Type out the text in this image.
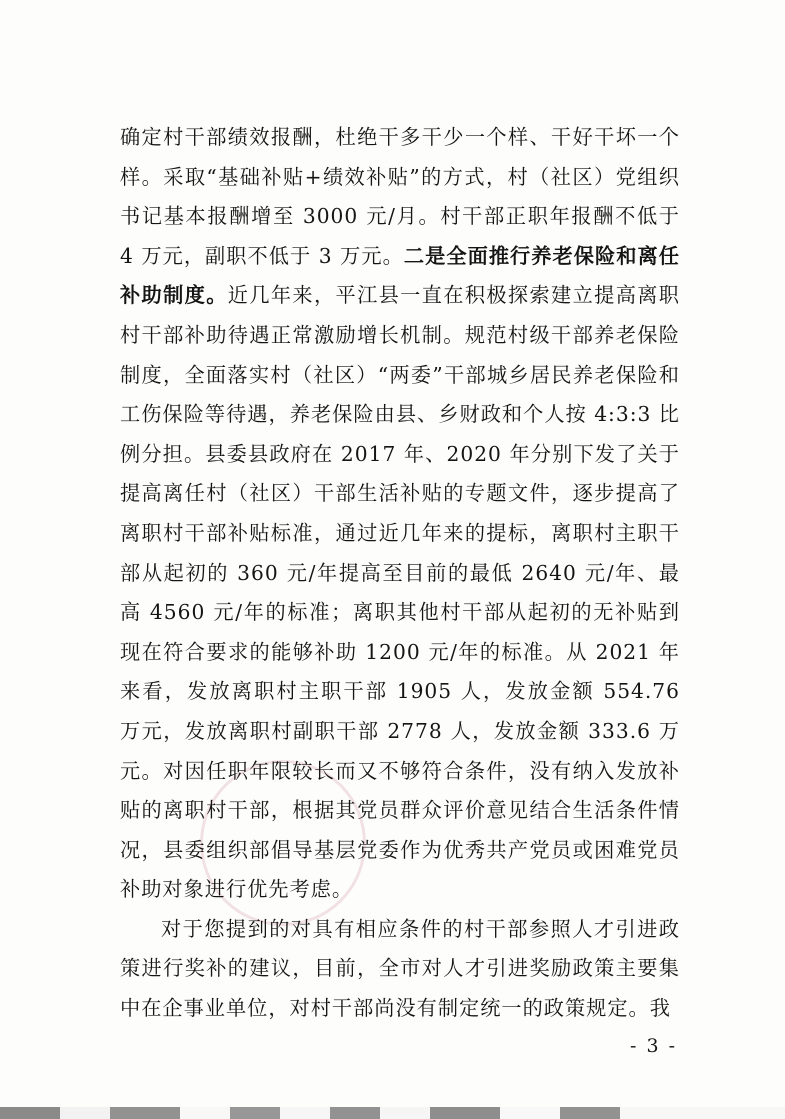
确定村干部绩效报酬，杜绝干多干少一个样、干好干坏一个样。采取“基础补贴+绩效补贴”的方式，村（社区）党组织书记基本报酬增至 3000 元/月。村干部正职年报酬不低于 4 万元，副职不低于 3 万元。二是全面推行养老保险和离任补助制度。近几年来，平江县一直在积极探索建立提高离职村干部补助待遇正常激励增长机制。规范村级干部养老保险制度，全面落实村（社区）“两委”干部城乡居民养老保险和工伤保险等待遇，养老保险由县、乡财政和个人按 4:3:3 比例分担。县委县政府在 2017 年、2020 年分别下发了关于提高离任村（社区）干部生活补贴的专题文件，逐步提高了离职村干部补贴标准，通过近几年来的提标，离职村主职干部从起初的 360 元/年提高至目前的最低 2640 元/年、最高 4560 元/年的标准；离职其他村干部从起初的无补贴到现在符合要求的能够补助 1200 元/年的标准。从 2021 年来看，发放离职村主职干部 1905 人，发放金额 554.76 万元，发放离职村副职干部 2778 人，发放金额 333.6 万元。对因任职年限较长而又不够符合条件，没有纳入发放补贴的离职村干部，根据其党员群众评价意见结合生活条件情况，县委组织部倡导基层党委作为优秀共产党员或困难党员补助对象进行优先考虑。

对于您提到的对具有相应条件的村干部参照人才引进政策进行奖补的建议，目前，全市对人才引进奖励政策主要集中在企事业单位，对村干部尚没有制定统一的政策规定。我

- 3 -
